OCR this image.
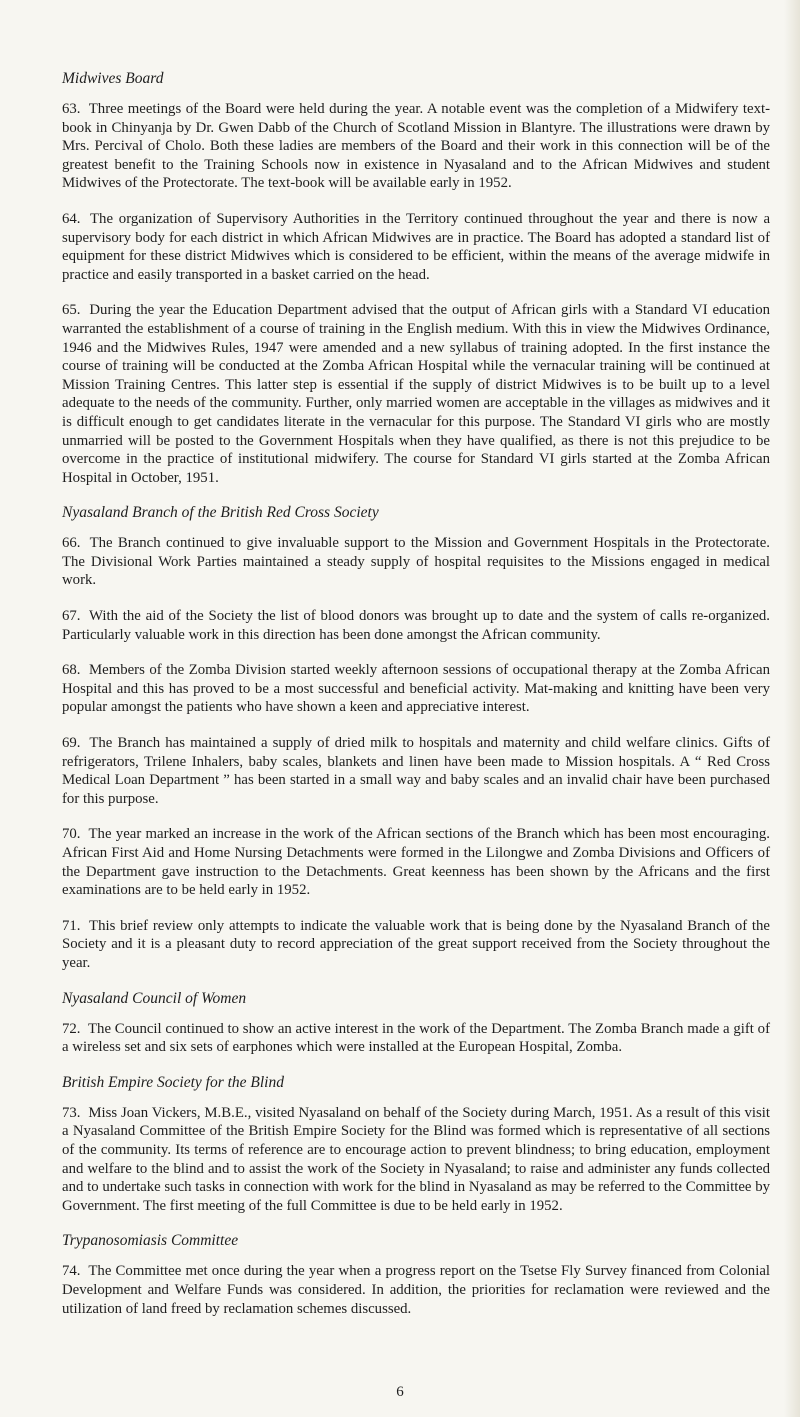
Midwives Board

63. Three meetings of the Board were held during the year. A notable event was the completion of a Midwifery text-book in Chinyanja by Dr. Gwen Dabb of the Church of Scotland Mission in Blantyre. The illustrations were drawn by Mrs. Percival of Cholo. Both these ladies are members of the Board and their work in this connection will be of the greatest benefit to the Training Schools now in existence in Nyasaland and to the African Midwives and student Midwives of the Protectorate. The text-book will be available early in 1952.

64. The organization of Supervisory Authorities in the Territory continued throughout the year and there is now a supervisory body for each district in which African Midwives are in practice. The Board has adopted a standard list of equipment for these district Midwives which is considered to be efficient, within the means of the average midwife in practice and easily transported in a basket carried on the head.

65. During the year the Education Department advised that the output of African girls with a Standard VI education warranted the establishment of a course of training in the English medium. With this in view the Midwives Ordinance, 1946 and the Midwives Rules, 1947 were amended and a new syllabus of training adopted. In the first instance the course of training will be conducted at the Zomba African Hospital while the vernacular training will be continued at Mission Training Centres. This latter step is essential if the supply of district Midwives is to be built up to a level adequate to the needs of the community. Further, only married women are acceptable in the villages as midwives and it is difficult enough to get candidates literate in the vernacular for this purpose. The Standard VI girls who are mostly unmarried will be posted to the Government Hospitals when they have qualified, as there is not this prejudice to be overcome in the practice of institutional midwifery. The course for Standard VI girls started at the Zomba African Hospital in October, 1951.

Nyasaland Branch of the British Red Cross Society

66. The Branch continued to give invaluable support to the Mission and Government Hospitals in the Protectorate. The Divisional Work Parties maintained a steady supply of hospital requisites to the Missions engaged in medical work.

67. With the aid of the Society the list of blood donors was brought up to date and the system of calls re-organized. Particularly valuable work in this direction has been done amongst the African community.

68. Members of the Zomba Division started weekly afternoon sessions of occupational therapy at the Zomba African Hospital and this has proved to be a most successful and beneficial activity. Mat-making and knitting have been very popular amongst the patients who have shown a keen and appreciative interest.

69. The Branch has maintained a supply of dried milk to hospitals and maternity and child welfare clinics. Gifts of refrigerators, Trilene Inhalers, baby scales, blankets and linen have been made to Mission hospitals. A “ Red Cross Medical Loan Department ” has been started in a small way and baby scales and an invalid chair have been purchased for this purpose.

70. The year marked an increase in the work of the African sections of the Branch which has been most encouraging. African First Aid and Home Nursing Detachments were formed in the Lilongwe and Zomba Divisions and Officers of the Department gave instruction to the Detachments. Great keenness has been shown by the Africans and the first examinations are to be held early in 1952.

71. This brief review only attempts to indicate the valuable work that is being done by the Nyasaland Branch of the Society and it is a pleasant duty to record appreciation of the great support received from the Society throughout the year.

Nyasaland Council of Women

72. The Council continued to show an active interest in the work of the Department. The Zomba Branch made a gift of a wireless set and six sets of earphones which were installed at the European Hospital, Zomba.

British Empire Society for the Blind

73. Miss Joan Vickers, M.B.E., visited Nyasaland on behalf of the Society during March, 1951. As a result of this visit a Nyasaland Committee of the British Empire Society for the Blind was formed which is representative of all sections of the community. Its terms of reference are to encourage action to prevent blindness; to bring education, employment and welfare to the blind and to assist the work of the Society in Nyasaland; to raise and administer any funds collected and to undertake such tasks in connection with work for the blind in Nyasaland as may be referred to the Committee by Government. The first meeting of the full Committee is due to be held early in 1952.

Trypanosomiasis Committee

74. The Committee met once during the year when a progress report on the Tsetse Fly Survey financed from Colonial Development and Welfare Funds was considered. In addition, the priorities for reclamation were reviewed and the utilization of land freed by reclamation schemes discussed.

6
